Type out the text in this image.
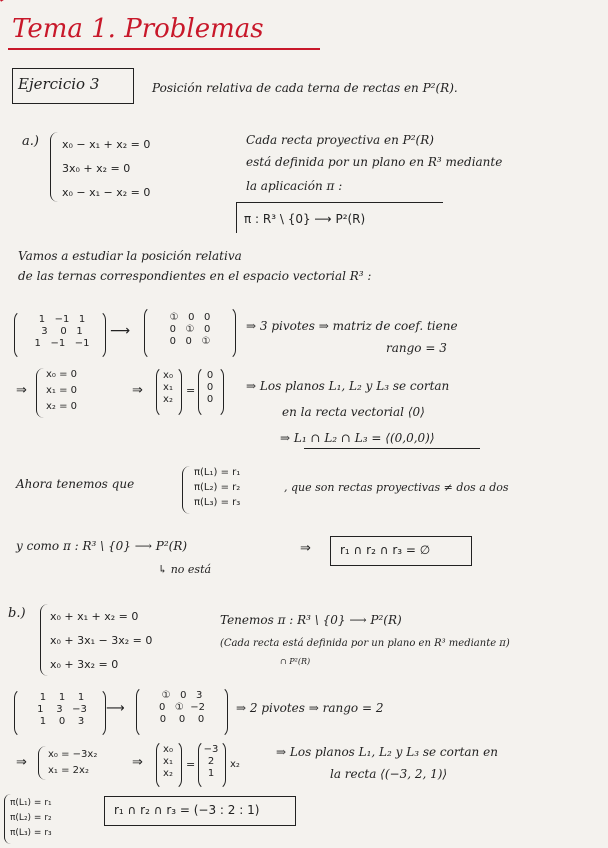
Tema 1. Problemas
Ejercicio 3	Posición relativa de cada terna de rectas en P²(R).
a.) x₀ − x₁ + x₂ = 0
3x₀ + x₂ = 0
x₀ − x₁ − x₂ = 0
Cada recta proyectiva en P²(R)
está definida por un plano en R³ mediante
la aplicación π :
π : R³ \ {0} ⟶ P²(R)
Vamos a estudiar la posición relativa
de las ternas correspondientes en el espacio vectorial R³ :
1 −1 1
3 0 1
1 −1 −1
⟶
① 0 0
0 ① 0
0 0 ①
⇒ 3 pivotes ⇒ matriz de coef. tiene
rango = 3
⇒
x₀ = 0
x₁ = 0
x₂ = 0
⇒
x₀
x₁
x₂
=
0
0
0
⇒ Los planos L₁, L₂ y L₃ se cortan
en la recta vectorial ⟨0⟩
⇒ L₁ ∩ L₂ ∩ L₃ = ⟨(0,0,0)⟩
Ahora tenemos que
π(L₁) = r₁
π(L₂) = r₂
π(L₃) = r₃
, que son rectas proyectivas ≠ dos a dos
y como π : R³ \ {0} ⟶ P²(R)
↳ no está
⇒ r₁ ∩ r₂ ∩ r₃ = ∅
b.) x₀ + x₁ + x₂ = 0
x₀ + 3x₁ − 3x₂ = 0
x₀ + 3x₂ = 0
Tenemos π : R³ \ {0} ⟶ P²(R)
(Cada recta está definida por un plano en R³ mediante π)
∩ P²(R)
1 1 1
1 3 −3
1 0 3
⟶
① 0 3
0 ① −2
0 0 0
⇒ 2 pivotes ⇒ rango = 2
⇒
x₀ = −3x₂
x₁ = 2x₂
⇒
x₀
x₁
x₂
=
−3
2
1
x₂
⇒ Los planos L₁, L₂ y L₃ se cortan en
la recta ⟨(−3, 2, 1)⟩
π(L₁) = r₁
π(L₂) = r₂
π(L₃) = r₃
r₁ ∩ r₂ ∩ r₃ = (−3 : 2 : 1)
